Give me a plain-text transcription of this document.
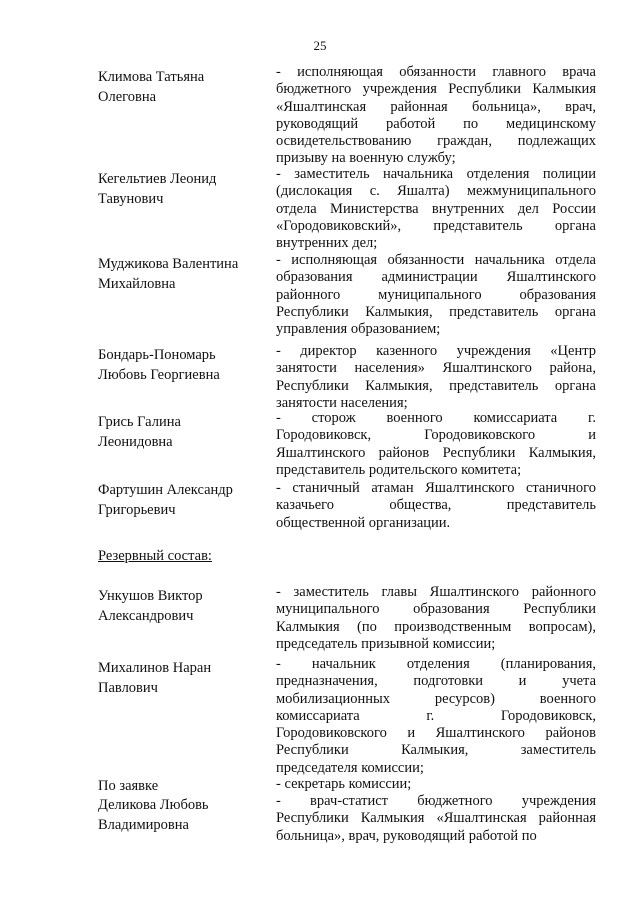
25
Климова Татьяна
Олеговна
- исполняющая обязанности главного врача
бюджетного учреждения Республики Калмыкия
«Яшалтинская районная больница», врач,
руководящий работой по медицинскому
освидетельствованию граждан, подлежащих
призыву на военную службу;
Кегельтиев Леонид
Тавунович
- заместитель начальника отделения полиции
(дислокация с. Яшалта) межмуниципального
отдела Министерства внутренних дел России
«Городовиковский», представитель органа
внутренних дел;
Муджикова Валентина
Михайловна
- исполняющая обязанности начальника отдела
образования администрации Яшалтинского
районного муниципального образования
Республики Калмыкия, представитель органа
управления образованием;
Бондарь-Пономарь
Любовь Георгиевна
- директор казенного учреждения «Центр
занятости населения» Яшалтинского района,
Республики Калмыкия, представитель органа
занятости населения;
Грись Галина
Леонидовна
- сторож военного комиссариата г.
Городовиковск, Городовиковского и
Яшалтинского районов Республики Калмыкия,
представитель родительского комитета;
Фартушин Александр
Григорьевич
- станичный атаман Яшалтинского станичного
казачьего общества, представитель
общественной организации.
Резервный состав:
Ункушов Виктор
Александрович
- заместитель главы Яшалтинского районного
муниципального образования Республики
Калмыкия (по производственным вопросам),
председатель призывной комиссии;
Михалинов Наран
Павлович
- начальник отделения (планирования,
предназначения, подготовки и учета
мобилизационных ресурсов) военного
комиссариата г. Городовиковск,
Городовиковского и Яшалтинского районов
Республики Калмыкия, заместитель
председателя комиссии;
По заявке	- секретарь комиссии;
Деликова Любовь
Владимировна
- врач-статист бюджетного учреждения
Республики Калмыкия «Яшалтинская районная
больница», врач, руководящий работой по
